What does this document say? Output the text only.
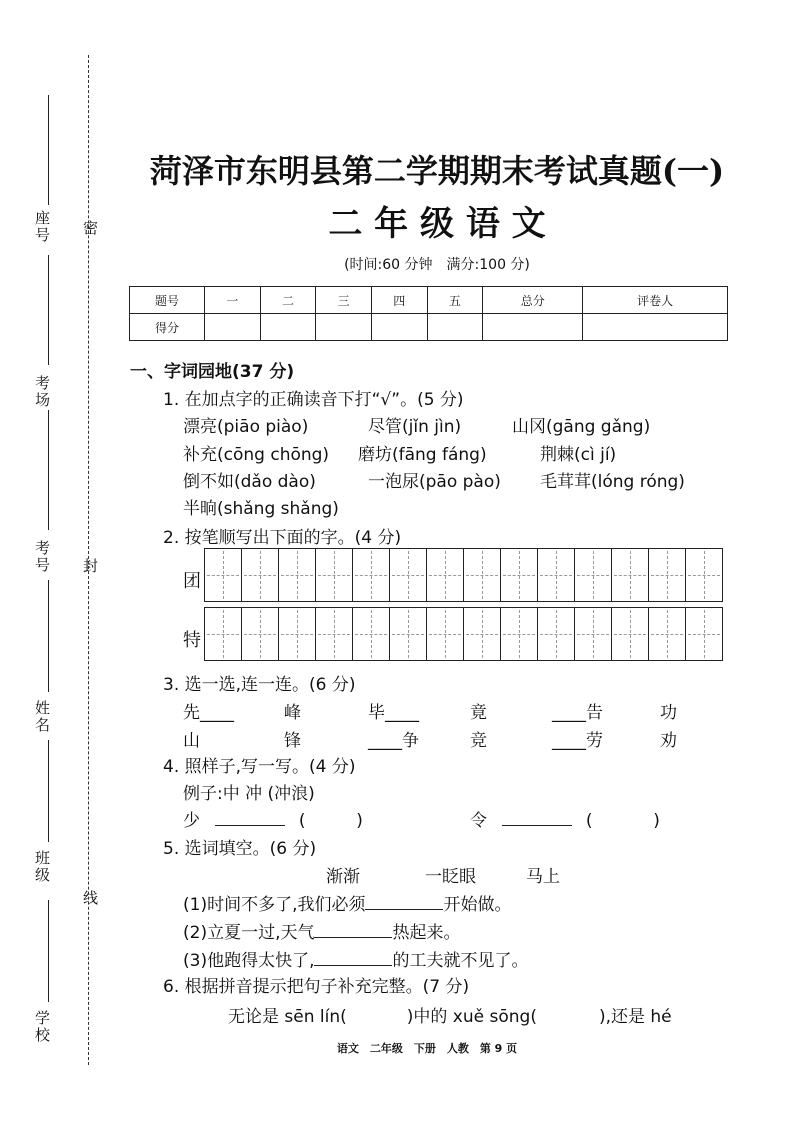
密
封
线
座号
考场
考号
姓名
班级
学校
菏泽市东明县第二学期期末考试真题(一)
二 年 级 语 文
(时间:60 分钟　满分:100 分)
题号	一	二	三	四	五	总分	评卷人
得分							
一、字词园地(37 分)
1. 在加点字的正确读音下打“√”。(5 分)
漂亮(piāo piào)	尽管(jǐn jìn)	山冈(gāng gǎng)
补充(cōng chōng) 磨坊(fāng fáng)	荆棘(cì jí)
倒不如(dǎo dào)	一泡尿(pāo pào) 毛茸茸(lóng róng)
半晌(shǎng shǎng)
2. 按笔顺写出下面的字。(4 分)
团
特
3. 选一选,连一连。(6 分)
先____	峰	毕____	竟	____告	功
山	锋	____争	竞	____劳	劝
4. 照样子,写一写。(4 分)
例子:中 冲 (冲浪)
少	(	)	令	(	)
5. 选词填空。(6 分)
渐渐	一眨眼	马上
(1)时间不多了,我们必须	开始做。
(2)立夏一过,天气	热起来。
(3)他跑得太快了,	的工夫就不见了。
6. 根据拼音提示把句子补充完整。(7 分)
无论是 sēn lín(	)中的 xuě sōng(	),还是 hé
语文　二年级　下册　人教　第 9 页
